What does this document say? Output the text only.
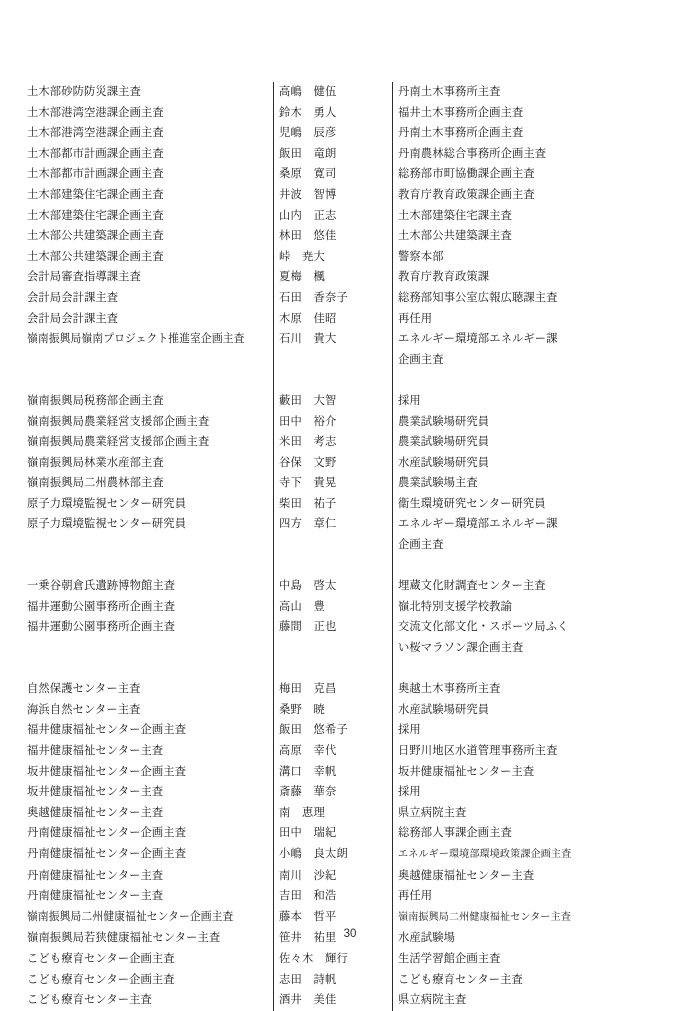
土木部砂防防災課主査	高嶋　健伍	丹南土木事務所主査
土木部港湾空港課企画主査	鈴木　勇人	福井土木事務所企画主査
土木部港湾空港課企画主査	児嶋　辰彦	丹南土木事務所企画主査
土木部都市計画課企画主査	飯田　竜朗	丹南農林総合事務所企画主査
土木部都市計画課企画主査	桑原　寛司	総務部市町協働課企画主査
土木部建築住宅課企画主査	井波　智博	教育庁教育政策課企画主査
土木部建築住宅課企画主査	山内　正志	土木部建築住宅課主査
土木部公共建築課企画主査	林田　悠佳	土木部公共建築課主査
土木部公共建築課企画主査	峠　尭大	警察本部
会計局審査指導課主査	夏梅　楓	教育庁教育政策課
会計局会計課主査	石田　香奈子	総務部知事公室広報広聴課主査
会計局会計課主査	木原　佳昭	再任用
嶺南振興局嶺南プロジェクト推進室企画主査	石川　貴大	エネルギー環境部エネルギー課
企画主査

嶺南振興局税務部企画主査	藪田　大智	採用
嶺南振興局農業経営支援部企画主査	田中　裕介	農業試験場研究員
嶺南振興局農業経営支援部企画主査	米田　考志	農業試験場研究員
嶺南振興局林業水産部主査	谷保　文野	水産試験場研究員
嶺南振興局二州農林部主査	寺下　貴晃	農業試験場主査
原子力環境監視センター研究員	柴田　祐子	衛生環境研究センター研究員
原子力環境監視センター研究員	四方　章仁	エネルギー環境部エネルギー課
企画主査

一乗谷朝倉氏遺跡博物館主査	中島　啓太	埋蔵文化財調査センター主査
福井運動公園事務所企画主査	高山　豊	嶺北特別支援学校教諭
福井運動公園事務所企画主査	藤間　正也	交流文化部文化・スポーツ局ふく
い桜マラソン課企画主査

自然保護センター主査	梅田　克昌	奥越土木事務所主査
海浜自然センター主査	桑野　暁	水産試験場研究員
福井健康福祉センター企画主査	飯田　悠希子	採用
福井健康福祉センター主査	高原　幸代	日野川地区水道管理事務所主査
坂井健康福祉センター企画主査	溝口　幸帆	坂井健康福祉センター主査
坂井健康福祉センター主査	斎藤　華奈	採用
奥越健康福祉センター主査	南　恵理	県立病院主査
丹南健康福祉センター企画主査	田中　瑞紀	総務部人事課企画主査
丹南健康福祉センター企画主査	小嶋　良太朗	エネルギー環境部環境政策課企画主査
丹南健康福祉センター主査	南川　沙紀	奥越健康福祉センター主査
丹南健康福祉センター主査	吉田　和浩	再任用
嶺南振興局二州健康福祉センター企画主査	藤本　哲平	嶺南振興局二州健康福祉センター主査
嶺南振興局若狭健康福祉センター主査	笹井　祐里	水産試験場
こども療育センター企画主査	佐々木　輝行	生活学習館企画主査
こども療育センター企画主査	志田　詩帆	こども療育センター主査
こども療育センター主査	酒井　美佳	県立病院主査
30
